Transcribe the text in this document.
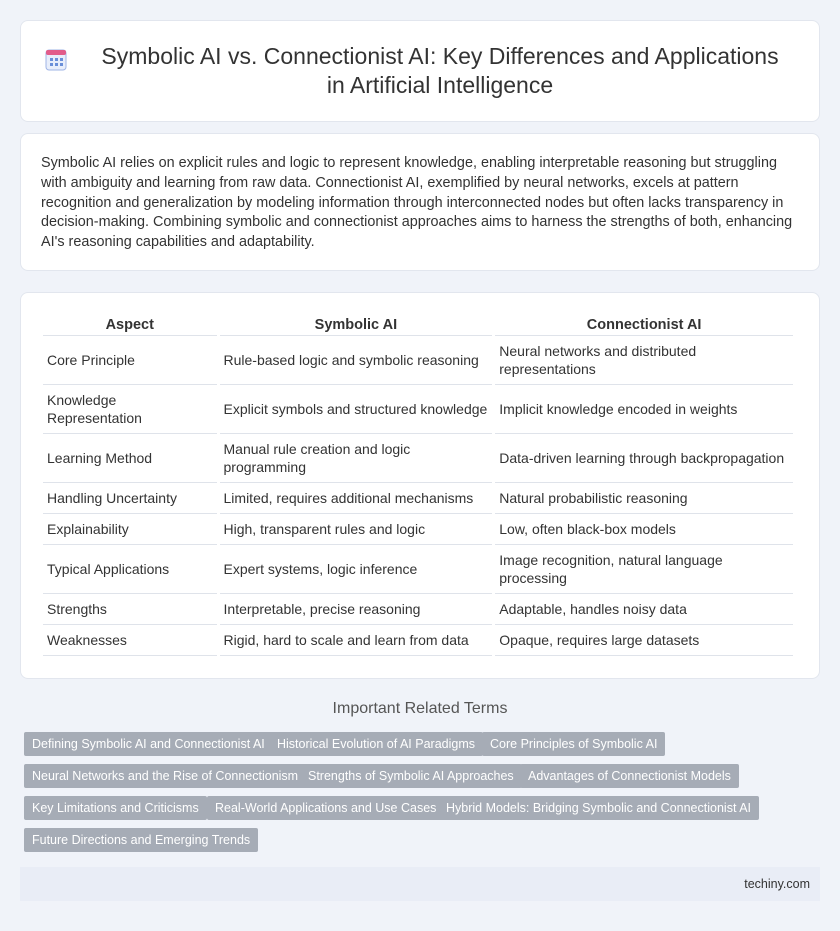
Symbolic AI vs. Connectionist AI: Key Differences and Applications in Artificial Intelligence

Symbolic AI relies on explicit rules and logic to represent knowledge, enabling interpretable reasoning but struggling with ambiguity and learning from raw data. Connectionist AI, exemplified by neural networks, excels at pattern recognition and generalization by modeling information through interconnected nodes but often lacks transparency in decision-making. Combining symbolic and connectionist approaches aims to harness the strengths of both, enhancing AI's reasoning capabilities and adaptability.

Aspect	Symbolic AI	Connectionist AI
Core Principle	Rule-based logic and symbolic reasoning	Neural networks and distributed representations
Knowledge Representation	Explicit symbols and structured knowledge	Implicit knowledge encoded in weights
Learning Method	Manual rule creation and logic programming	Data-driven learning through backpropagation
Handling Uncertainty	Limited, requires additional mechanisms	Natural probabilistic reasoning
Explainability	High, transparent rules and logic	Low, often black-box models
Typical Applications	Expert systems, logic inference	Image recognition, natural language processing
Strengths	Interpretable, precise reasoning	Adaptable, handles noisy data
Weaknesses	Rigid, hard to scale and learn from data	Opaque, requires large datasets
Important Related Terms
Defining Symbolic AI and Connectionist AI Historical Evolution of AI Paradigms	Core Principles of Symbolic AI
Neural Networks and the Rise of Connectionism Strengths of Symbolic AI Approaches	Advantages of Connectionist Models
Key Limitations and Criticisms	Real-World Applications and Use Cases Hybrid Models: Bridging Symbolic and Connectionist AI
Future Directions and Emerging Trends
techiny.com
